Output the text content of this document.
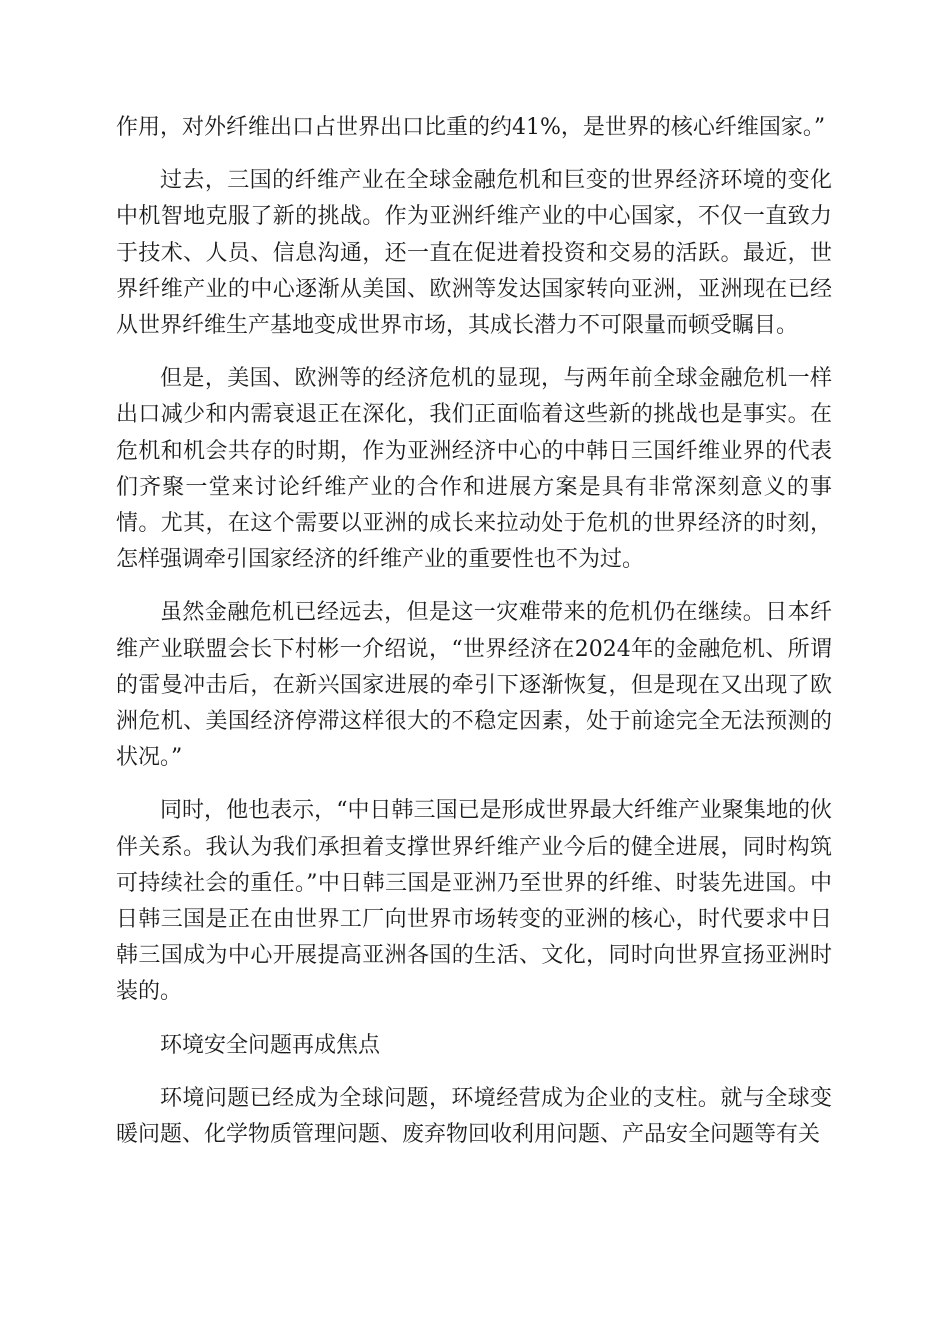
作用，对外纤维出口占世界出口比重的约41%，是世界的核心纤维国家。”

过去，三国的纤维产业在全球金融危机和巨变的世界经济环境的变化中机智地克服了新的挑战。作为亚洲纤维产业的中心国家，不仅一直致力于技术、人员、信息沟通，还一直在促进着投资和交易的活跃。最近，世界纤维产业的中心逐渐从美国、欧洲等发达国家转向亚洲，亚洲现在已经从世界纤维生产基地变成世界市场，其成长潜力不可限量而顿受瞩目。

但是，美国、欧洲等的经济危机的显现，与两年前全球金融危机一样出口减少和内需衰退正在深化，我们正面临着这些新的挑战也是事实。在危机和机会共存的时期，作为亚洲经济中心的中韩日三国纤维业界的代表们齐聚一堂来讨论纤维产业的合作和进展方案是具有非常深刻意义的事情。尤其，在这个需要以亚洲的成长来拉动处于危机的世界经济的时刻，怎样强调牵引国家经济的纤维产业的重要性也不为过。

虽然金融危机已经远去，但是这一灾难带来的危机仍在继续。日本纤维产业联盟会长下村彬一介绍说，“世界经济在2024年的金融危机、所谓的雷曼冲击后，在新兴国家进展的牵引下逐渐恢复，但是现在又出现了欧洲危机、美国经济停滞这样很大的不稳定因素，处于前途完全无法预测的状况。”

同时，他也表示，“中日韩三国已是形成世界最大纤维产业聚集地的伙伴关系。我认为我们承担着支撑世界纤维产业今后的健全进展，同时构筑可持续社会的重任。”中日韩三国是亚洲乃至世界的纤维、时装先进国。中日韩三国是正在由世界工厂向世界市场转变的亚洲的核心，时代要求中日韩三国成为中心开展提高亚洲各国的生活、文化，同时向世界宣扬亚洲时装的。

环境安全问题再成焦点

环境问题已经成为全球问题，环境经营成为企业的支柱。就与全球变暖问题、化学物质管理问题、废弃物回收利用问题、产品安全问题等有关
